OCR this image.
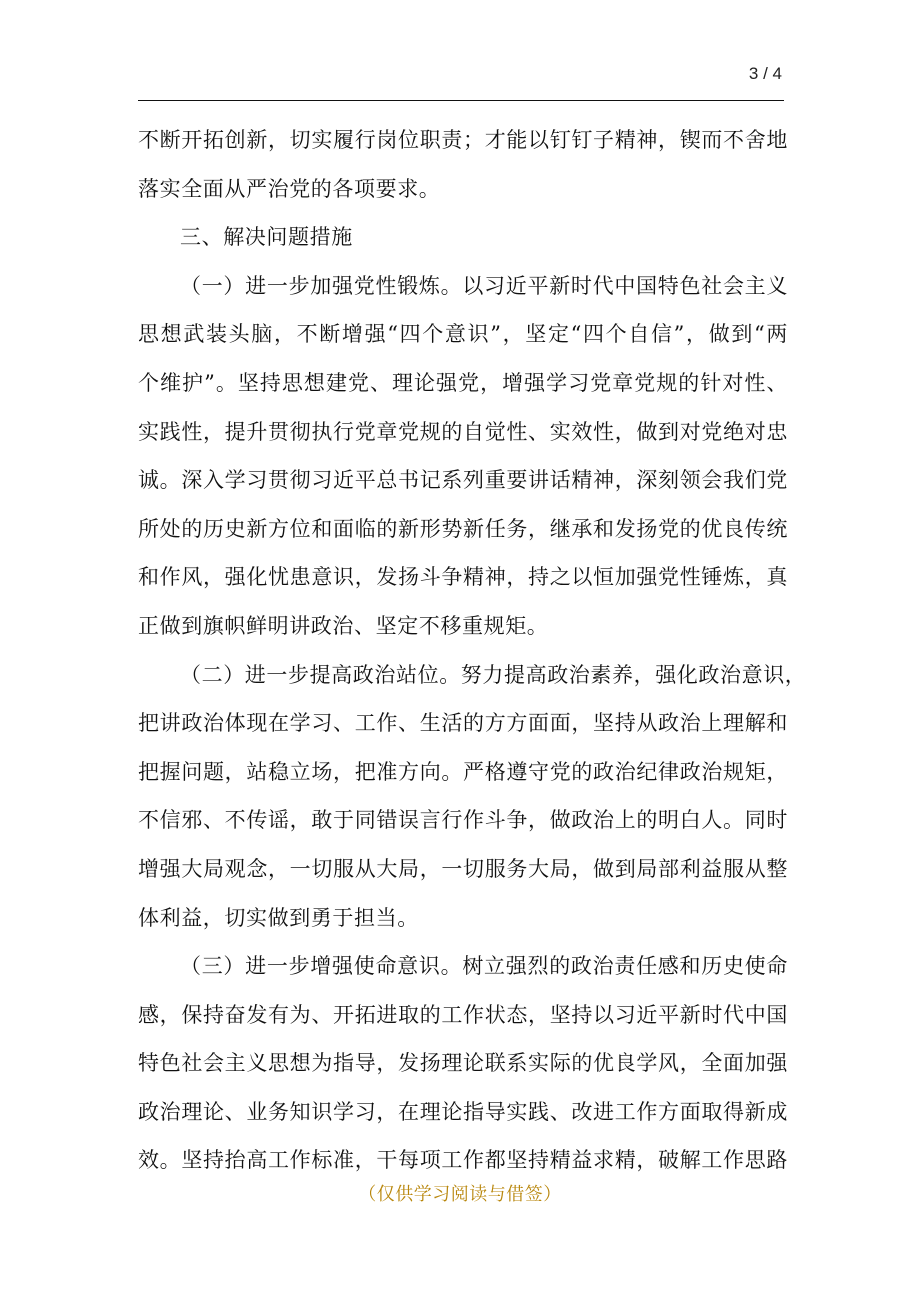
3 / 4
不断开拓创新，切实履行岗位职责；才能以钉钉子精神，锲而不舍地
落实全面从严治党的各项要求。
三、解决问题措施
（一）进一步加强党性锻炼。以习近平新时代中国特色社会主义
思想武装头脑，不断增强“四个意识”，坚定“四个自信”，做到“两
个维护”。坚持思想建党、理论强党，增强学习党章党规的针对性、
实践性，提升贯彻执行党章党规的自觉性、实效性，做到对党绝对忠
诚。深入学习贯彻习近平总书记系列重要讲话精神，深刻领会我们党
所处的历史新方位和面临的新形势新任务，继承和发扬党的优良传统
和作风，强化忧患意识，发扬斗争精神，持之以恒加强党性锤炼，真
正做到旗帜鲜明讲政治、坚定不移重规矩。
（二）进一步提高政治站位。努力提高政治素养，强化政治意识，
把讲政治体现在学习、工作、生活的方方面面，坚持从政治上理解和
把握问题，站稳立场，把准方向。严格遵守党的政治纪律政治规矩，
不信邪、不传谣，敢于同错误言行作斗争，做政治上的明白人。同时
增强大局观念，一切服从大局，一切服务大局，做到局部利益服从整
体利益，切实做到勇于担当。
（三）进一步增强使命意识。树立强烈的政治责任感和历史使命
感，保持奋发有为、开拓进取的工作状态，坚持以习近平新时代中国
特色社会主义思想为指导，发扬理论联系实际的优良学风，全面加强
政治理论、业务知识学习，在理论指导实践、改进工作方面取得新成
效。坚持抬高工作标准，干每项工作都坚持精益求精，破解工作思路
（仅供学习阅读与借签）
